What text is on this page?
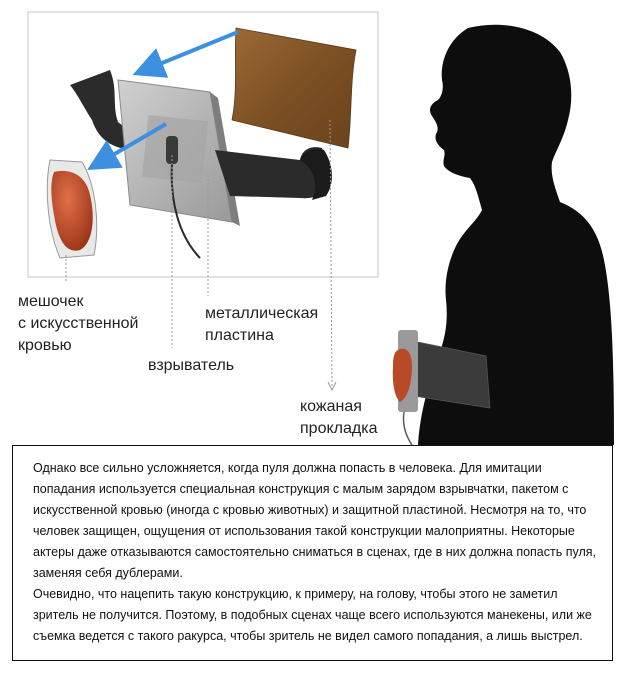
мешочек
с искусственной
кровью
металлическая
пластина
взрыватель
кожаная
прокладка

Однако все сильно усложняется, когда пуля должна попасть в человека. Для имитации попадания используется специальная конструкция с малым зарядом взрывчатки, пакетом с искусственной кровью (иногда с кровью животных) и защитной пластиной. Несмотря на то, что человек защищен, ощущения от использования такой конструкции малоприятны. Некоторые актеры даже отказываются самостоятельно сниматься в сценах, где в них должна попасть пуля, заменяя себя дублерами.

Очевидно, что нацепить такую конструкцию, к примеру, на голову, чтобы этого не заметил зритель не получится. Поэтому, в подобных сценах чаще всего используются манекены, или же съемка ведется с такого ракурса, чтобы зритель не видел самого попадания, а лишь выстрел.
